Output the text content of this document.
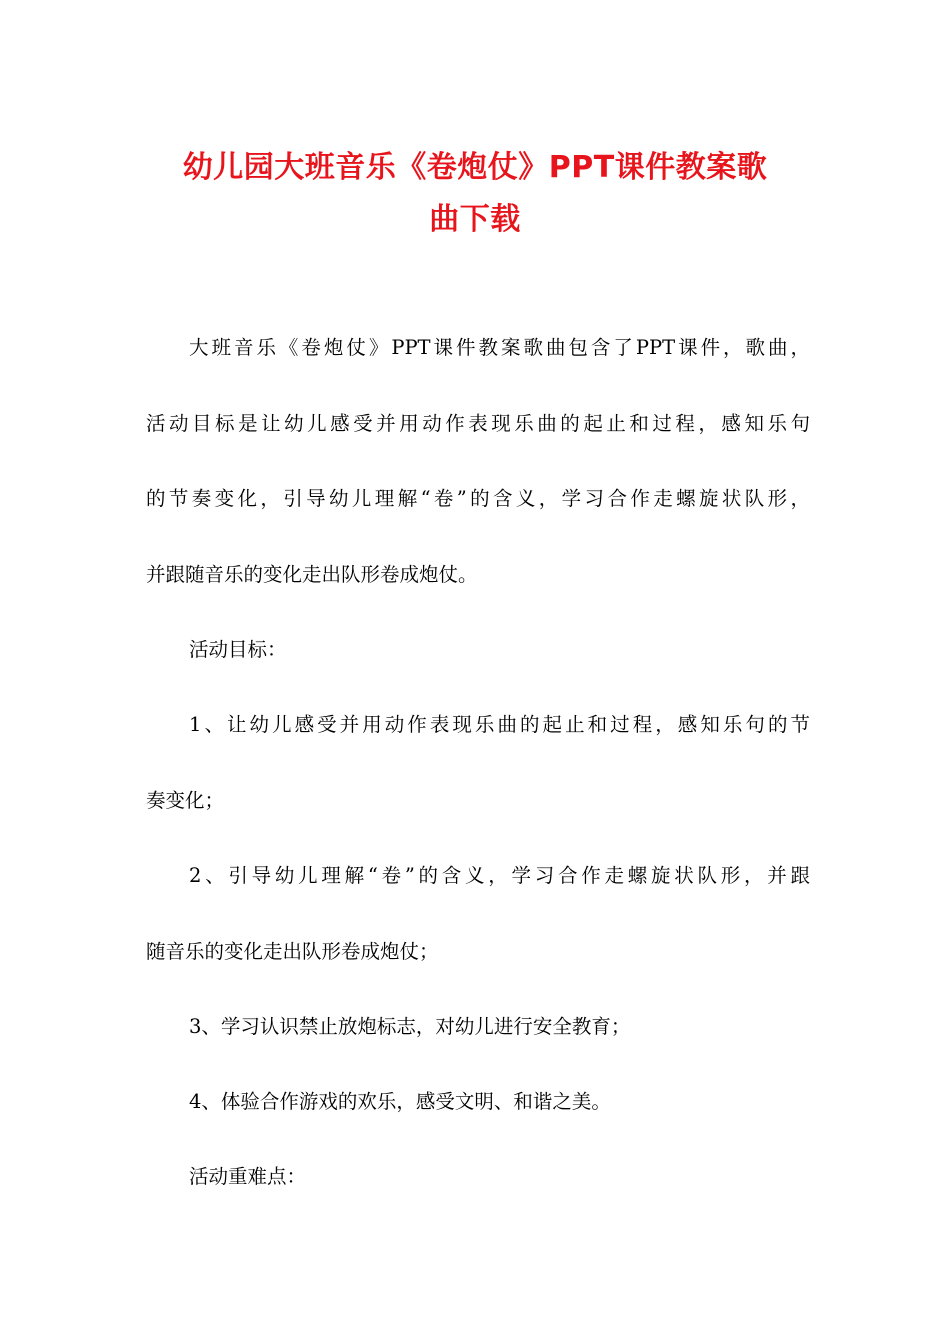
幼儿园大班音乐《卷炮仗》PPT课件教案歌
曲下载

大班音乐《卷炮仗》PPT课件教案歌曲包含了PPT课件，歌曲，

活动目标是让幼儿感受并用动作表现乐曲的起止和过程，感知乐句

的节奏变化，引导幼儿理解“卷”的含义，学习合作走螺旋状队形，

并跟随音乐的变化走出队形卷成炮仗。

活动目标：

1、让幼儿感受并用动作表现乐曲的起止和过程，感知乐句的节

奏变化；

2、引导幼儿理解“卷”的含义，学习合作走螺旋状队形，并跟

随音乐的变化走出队形卷成炮仗；

3、学习认识禁止放炮标志，对幼儿进行安全教育；

4、体验合作游戏的欢乐，感受文明、和谐之美。

活动重难点：
